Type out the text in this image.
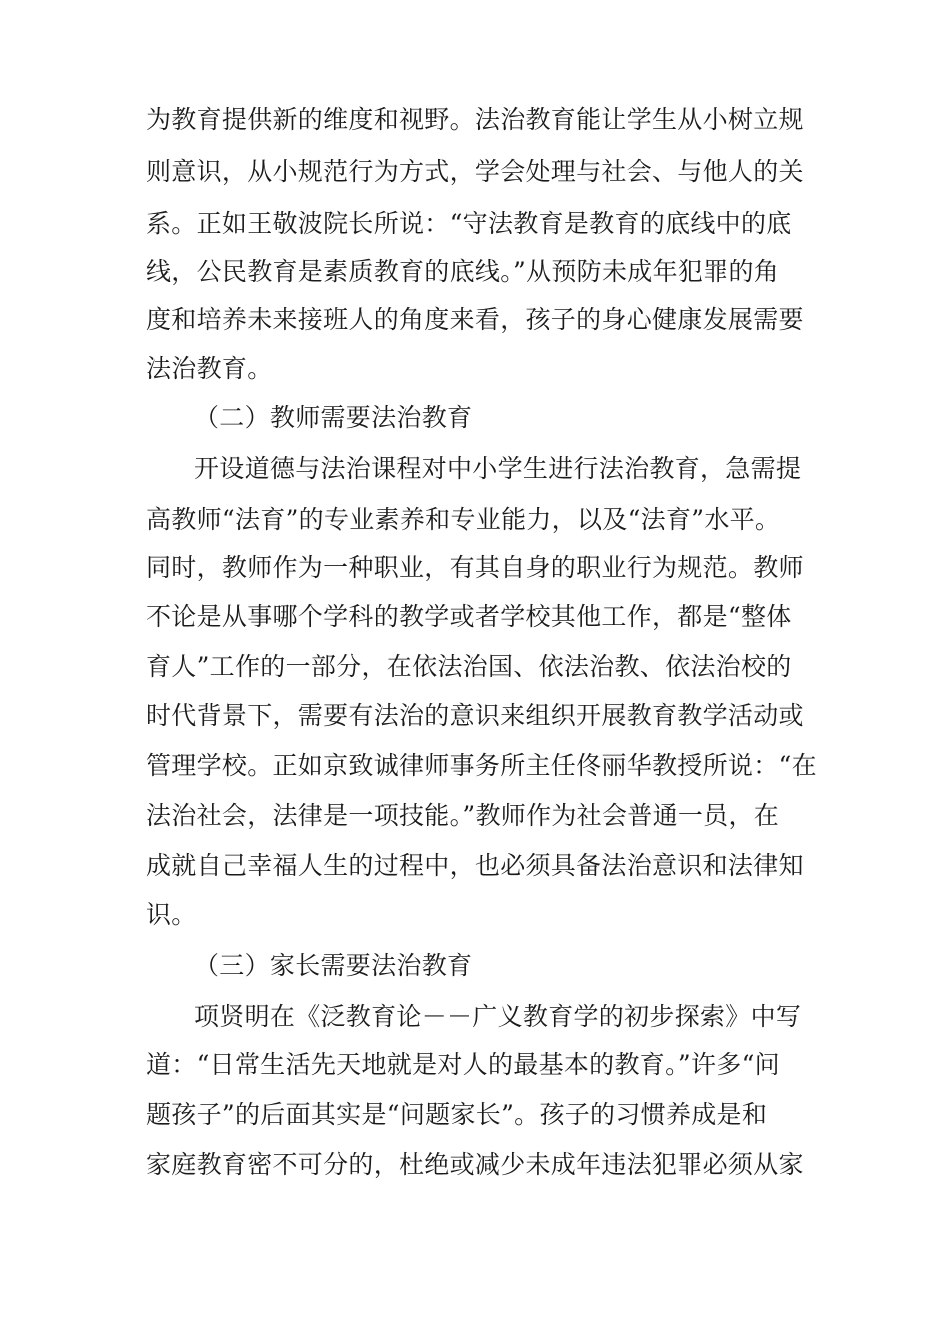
为教育提供新的维度和视野。法治教育能让学生从小树立规
则意识，从小规范行为方式，学会处理与社会、与他人的关
系。正如王敬波院长所说：“守法教育是教育的底线中的底
线，公民教育是素质教育的底线。”从预防未成年犯罪的角
度和培养未来接班人的角度来看，孩子的身心健康发展需要
法治教育。
（二）教师需要法治教育
开设道德与法治课程对中小学生进行法治教育，急需提
高教师“法育”的专业素养和专业能力，以及“法育”水平。
同时，教师作为一种职业，有其自身的职业行为规范。教师
不论是从事哪个学科的教学或者学校其他工作，都是“整体
育人”工作的一部分，在依法治国、依法治教、依法治校的
时代背景下，需要有法治的意识来组织开展教育教学活动或
管理学校。正如京致诚律师事务所主任佟丽华教授所说：“在
法治社会，法律是一项技能。”教师作为社会普通一员，在
成就自己幸福人生的过程中，也必须具备法治意识和法律知
识。
（三）家长需要法治教育
项贤明在《泛教育论－－广义教育学的初步探索》中写
道：“日常生活先天地就是对人的最基本的教育。”许多“问
题孩子”的后面其实是“问题家长”。孩子的习惯养成是和
家庭教育密不可分的，杜绝或减少未成年违法犯罪必须从家
